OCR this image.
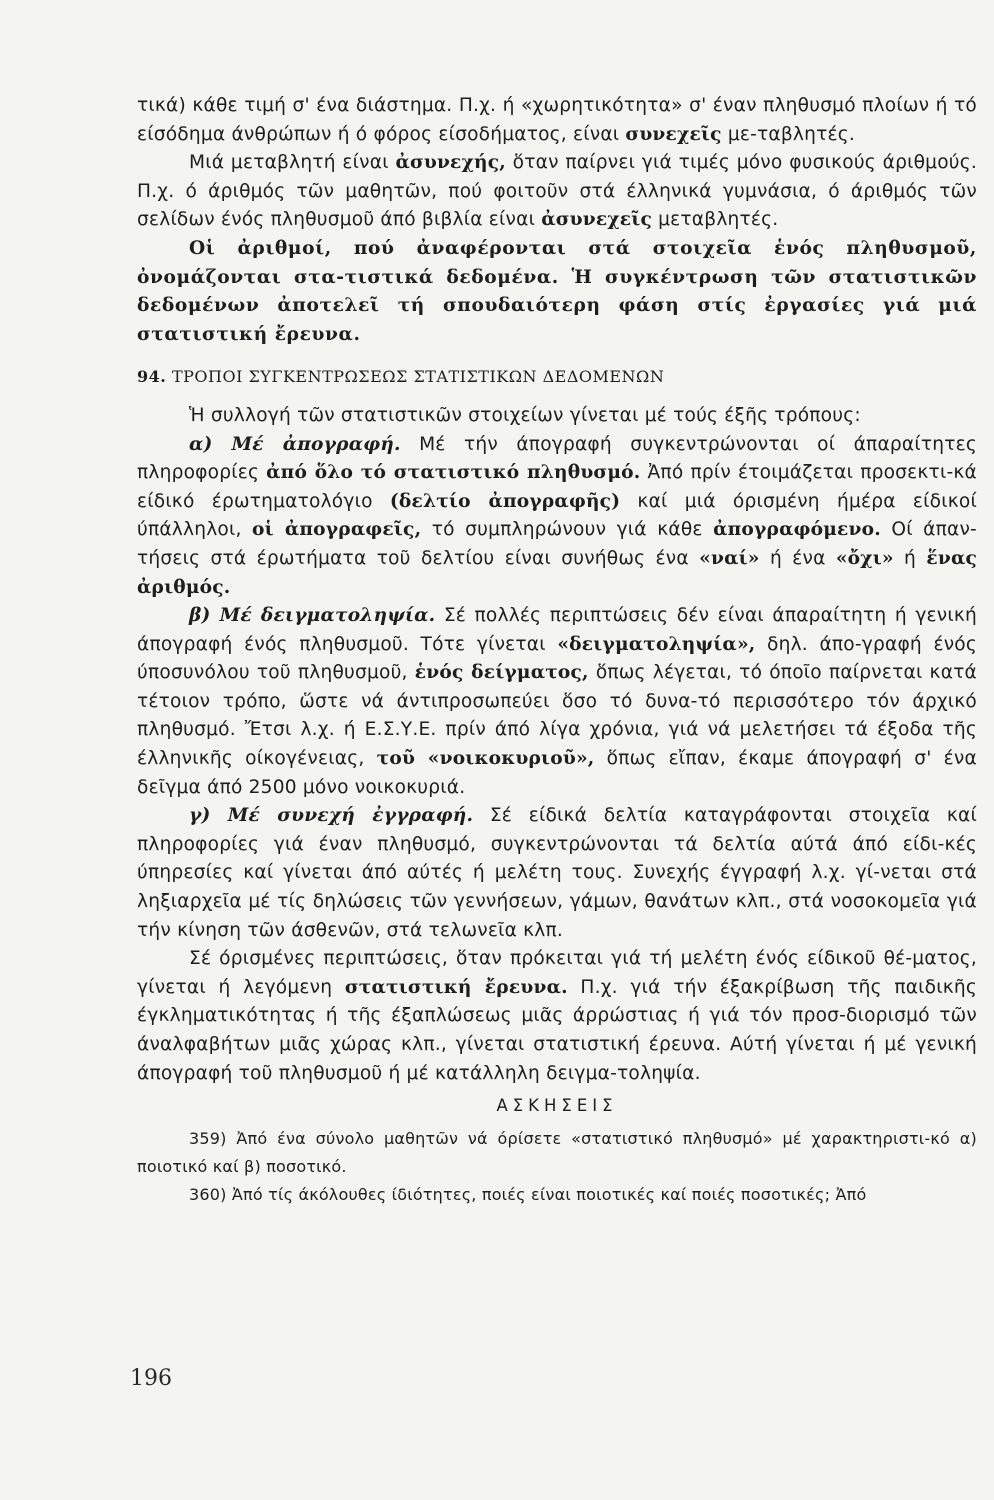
τικά) κάθε τιμή σ' ένα διάστημα. Π.χ. ή «χωρητικότητα» σ' έναν πληθυσμό πλοίων ή τό είσόδημα άνθρώπων ή ό φόρος είσοδήματος, είναι συνεχεῖς με-ταβλητές.

Μιά μεταβλητή είναι ἀσυνεχής, ὅταν παίρνει γιά τιμές μόνο φυσικούς άριθμούς. Π.χ. ό άριθμός τῶν μαθητῶν, πού φοιτοῦν στά έλληνικά γυμνάσια, ό άριθμός τῶν σελίδων ένός πληθυσμοῦ άπό βιβλία είναι ἀσυνεχεῖς μεταβλητές.

Οἱ ἀριθμοί, πού ἀναφέρονται στά στοιχεῖα ἑνός πληθυσμοῦ, ὀνομάζονται στα-τιστικά δεδομένα. Ἡ συγκέντρωση τῶν στατιστικῶν δεδομένων ἀποτελεῖ τή σπουδαιότερη φάση στίς ἐργασίες γιά μιά στατιστική ἔρευνα.

94. ΤΡΟΠΟΙ ΣΥΓΚΕΝΤΡΩΣΕΩΣ ΣΤΑΤΙΣΤΙΚΩΝ ΔΕΔΟΜΕΝΩΝ

Ἡ συλλογή τῶν στατιστικῶν στοιχείων γίνεται μέ τούς έξῆς τρόπους:

α) Μέ ἀπογραφή. Μέ τήν άπογραφή συγκεντρώνονται οί άπαραίτητες πληροφορίες ἀπό ὅλο τό στατιστικό πληθυσμό. Ἀπό πρίν έτοιμάζεται προσεκτι-κά είδικό έρωτηματολόγιο (δελτίο ἀπογραφῆς) καί μιά όρισμένη ήμέρα είδικοί ύπάλληλοι, οἱ ἀπογραφεῖς, τό συμπληρώνουν γιά κάθε ἀπογραφόμενο. Οί άπαν-τήσεις στά έρωτήματα τοῦ δελτίου είναι συνήθως ένα «ναί» ή ένα «ὄχι» ή ἕνας ἀριθμός.

β) Μέ δειγματοληψία. Σέ πολλές περιπτώσεις δέν είναι άπαραίτητη ή γενική άπογραφή ένός πληθυσμοῦ. Τότε γίνεται «δειγματοληψία», δηλ. άπο-γραφή ένός ύποσυνόλου τοῦ πληθυσμοῦ, ἑνός δείγματος, ὅπως λέγεται, τό όποῖο παίρνεται κατά τέτοιον τρόπο, ὥστε νά άντιπροσωπεύει ὅσο τό δυνα-τό περισσότερο τόν άρχικό πληθυσμό. Ἔτσι λ.χ. ή Ε.Σ.Υ.Ε. πρίν άπό λίγα χρόνια, γιά νά μελετήσει τά έξοδα τῆς έλληνικῆς οίκογένειας, τοῦ «νοικοκυριοῦ», ὅπως εἴπαν, έκαμε άπογραφή σ' ένα δεῖγμα άπό 2500 μόνο νοικοκυριά.

γ) Μέ συνεχή ἐγγραφή. Σέ είδικά δελτία καταγράφονται στοιχεῖα καί πληροφορίες γιά έναν πληθυσμό, συγκεντρώνονται τά δελτία αύτά άπό είδι-κές ύπηρεσίες καί γίνεται άπό αύτές ή μελέτη τους. Συνεχής έγγραφή λ.χ. γί-νεται στά ληξιαρχεῖα μέ τίς δηλώσεις τῶν γεννήσεων, γάμων, θανάτων κλπ., στά νοσοκομεῖα γιά τήν κίνηση τῶν άσθενῶν, στά τελωνεῖα κλπ.

Σέ όρισμένες περιπτώσεις, ὅταν πρόκειται γιά τή μελέτη ένός είδικοῦ θέ-ματος, γίνεται ή λεγόμενη στατιστική ἔρευνα. Π.χ. γιά τήν έξακρίβωση τῆς παιδικῆς έγκληματικότητας ή τῆς έξαπλώσεως μιᾶς άρρώστιας ή γιά τόν προσ-διορισμό τῶν άναλφαβήτων μιᾶς χώρας κλπ., γίνεται στατιστική έρευνα. Αύτή γίνεται ή μέ γενική άπογραφή τοῦ πληθυσμοῦ ή μέ κατάλληλη δειγμα-τοληψία.

ΑΣΚΗΣΕΙΣ

359) Ἀπό ένα σύνολο μαθητῶν νά όρίσετε «στατιστικό πληθυσμό» μέ χαρακτηριστι-κό α) ποιοτικό καί β) ποσοτικό.

360) Ἀπό τίς άκόλουθες ίδιότητες, ποιές είναι ποιοτικές καί ποιές ποσοτικές; Ἀπό

196
